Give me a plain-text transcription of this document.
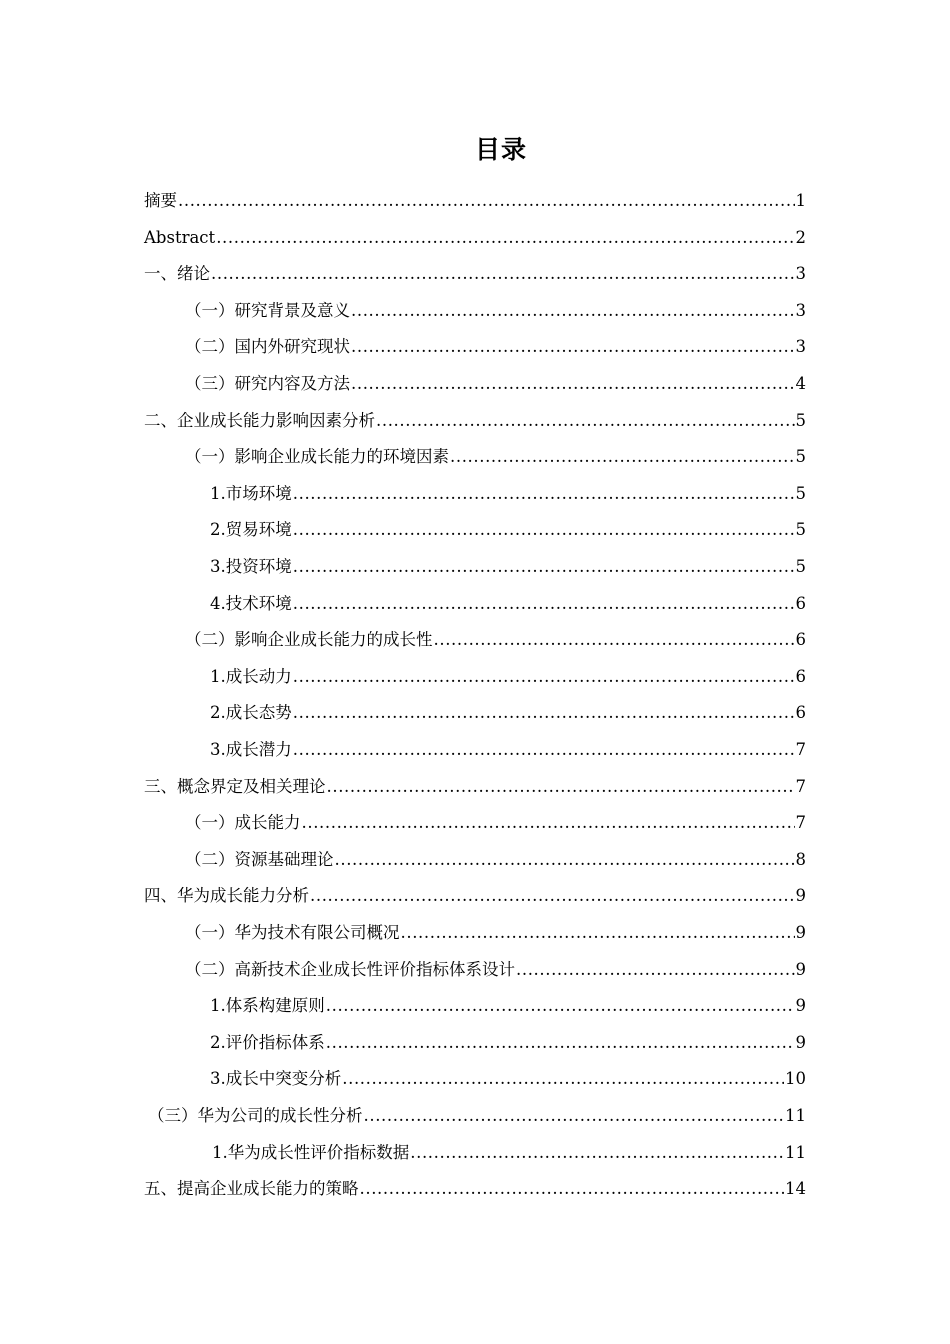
目录
摘要 .....	1
Abstract .....	2
一、绪论 .....	3
（一）研究背景及意义 .....	3
（二）国内外研究现状 .....	3
（三）研究内容及方法 .....	4
二、企业成长能力影响因素分析 .....	5
（一）影响企业成长能力的环境因素 .....	5
1.市场环境 .....	5
2.贸易环境 .....	5
3.投资环境 .....	5
4.技术环境 .....	6
（二）影响企业成长能力的成长性 .....	6
1.成长动力 .....	6
2.成长态势 .....	6
3.成长潜力 .....	7
三、概念界定及相关理论 .....	7
（一）成长能力 .....	7
（二）资源基础理论 .....	8
四、华为成长能力分析 .....	9
（一）华为技术有限公司概况 .....	9
（二）高新技术企业成长性评价指标体系设计 .....	9
1.体系构建原则 .....	9
2.评价指标体系 .....	9
3.成长中突变分析 .....	10
（三）华为公司的成长性分析 .....	11
1.华为成长性评价指标数据 .....	11
五、提高企业成长能力的策略 .....	14
